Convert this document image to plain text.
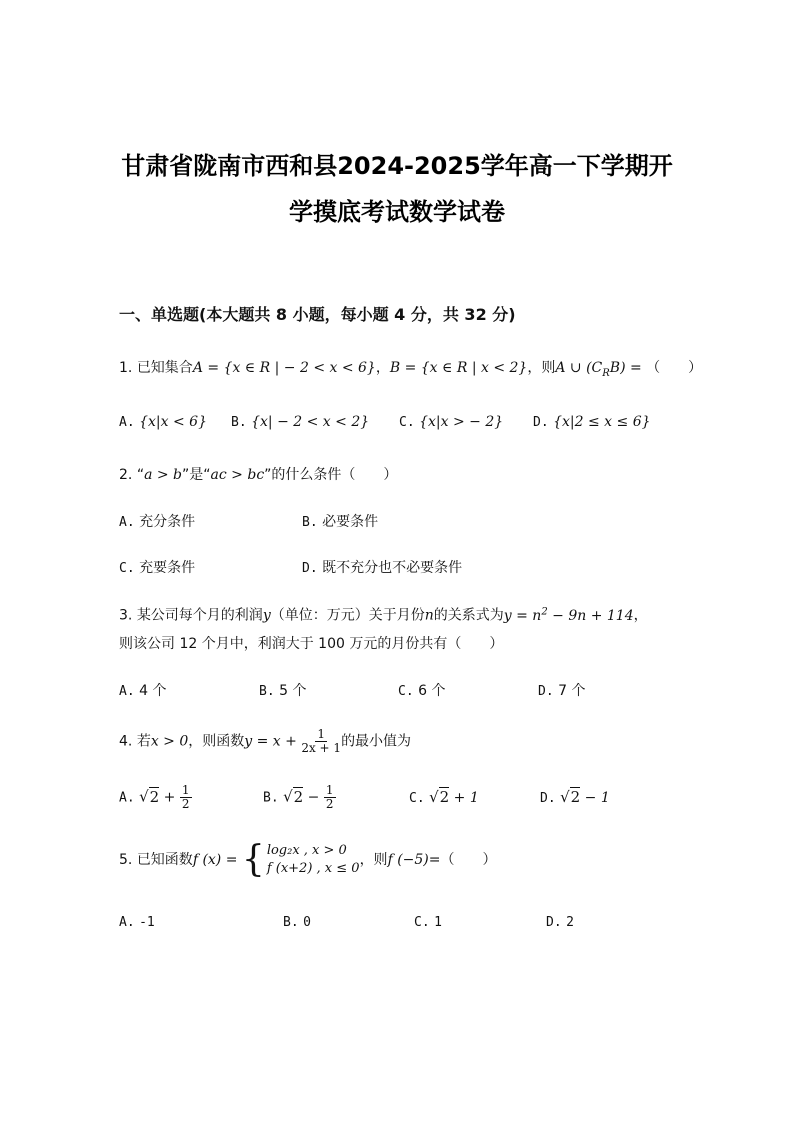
甘肃省陇南市西和县2024-2025学年高一下学期开
学摸底考试数学试卷
一、单选题(本大题共 8 小题，每小题 4 分，共 32 分)
1. 已知集合A = {x ∈ R | − 2 < x < 6}，B = {x ∈ R | x < 2}，则A ∪ $(C_RB)$ = （　　）
A. {x|x < 6} B. {x| − 2 < x < 2} C. {x|x > − 2} D. {x|2 ≤ x ≤ 6}
2. “a > b”是“ac > bc”的什么条件（　　）
A. 充分条件	B. 必要条件
C. 充要条件	D. 既不充分也不必要条件
3. 某公司每个月的利润y（单位：万元）关于月份n的关系式为$y = n^2 - 9n + 114$，
则该公司 12 个月中，利润大于 100 万元的月份共有（　　）
A. 4 个	B. 5 个	C. 6 个	D. 7 个
4. 若x > 0，则函数$y = x + \frac{1}{2x + 1}$ 的最小值为
A. $√2 + \frac{1}{2}$	B. $√2 - \frac{1}{2}$	C. √2 + 1	D. √2 − 1
5. 已知函数f (x) = { log₂x , x > 0
f (x+2) , x ≤ 0
，则f (−5)=（　　）
A. -1	B. 0	C. 1	D. 2
